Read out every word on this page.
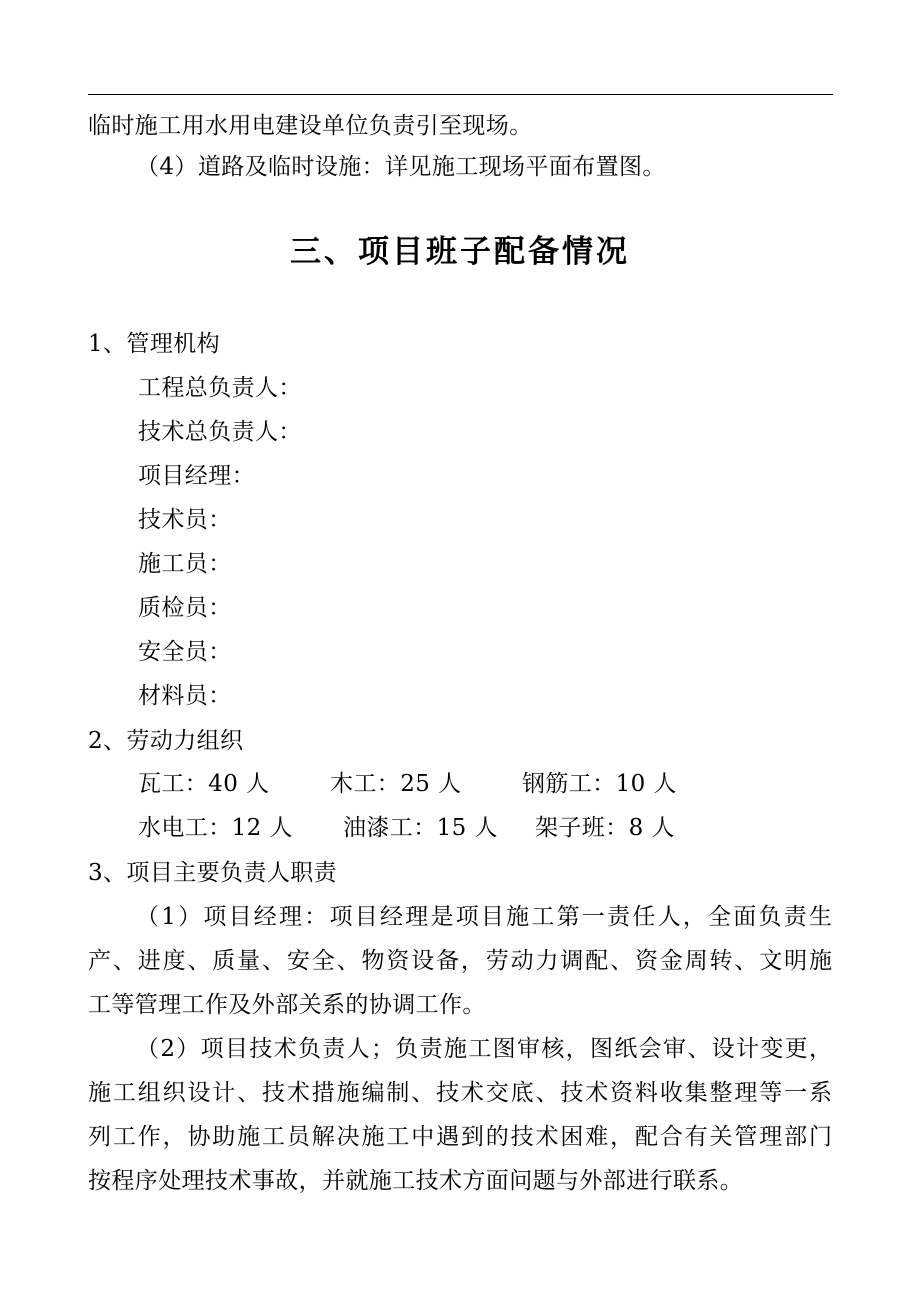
临时施工用水用电建设单位负责引至现场。
（4）道路及临时设施：详见施工现场平面布置图。
三、项目班子配备情况
1、管理机构
工程总负责人：
技术总负责人：
项目经理：
技术员：
施工员：
质检员：
安全员：
材料员：
2、劳动力组织
瓦工：40 人	木工：25 人	钢筋工：10 人
水电工：12 人 油漆工：15 人 架子班：8 人
3、项目主要负责人职责
（1）项目经理：项目经理是项目施工第一责任人，全面负责生
产、进度、质量、安全、物资设备，劳动力调配、资金周转、文明施
工等管理工作及外部关系的协调工作。
（2）项目技术负责人；负责施工图审核，图纸会审、设计变更，
施工组织设计、技术措施编制、技术交底、技术资料收集整理等一系
列工作，协助施工员解决施工中遇到的技术困难，配合有关管理部门
按程序处理技术事故，并就施工技术方面问题与外部进行联系。
